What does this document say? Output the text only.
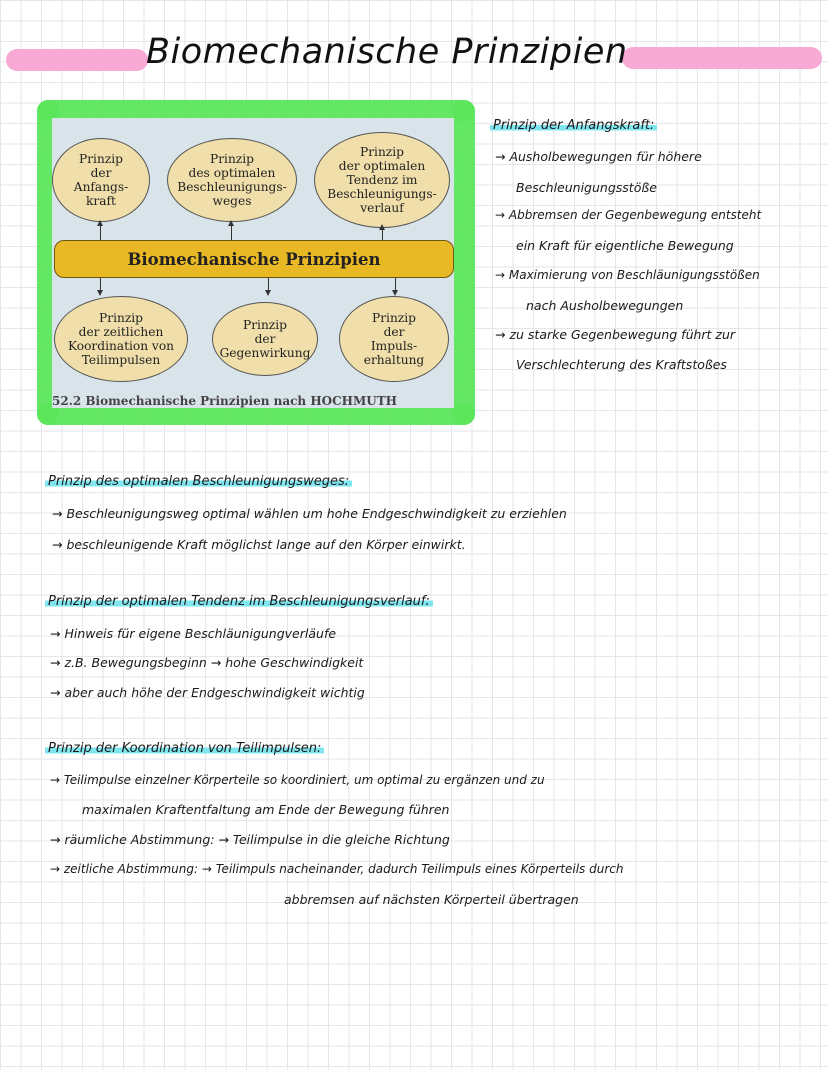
Biomechanische Prinzipien
Prinzip
der
Anfangs-
kraft
Prinzip
des optimalen
Beschleunigungs-
weges
Prinzip
der optimalen
Tendenz im
Beschleunigungs-
verlauf
Biomechanische Prinzipien
Prinzip
der zeitlichen
Koordination von
Teilimpulsen
Prinzip
der
Gegenwirkung
Prinzip
der
Impuls-
erhaltung
52.2 Biomechanische Prinzipien nach HOCHMUTH
Prinzip der Anfangskraft:
→ Ausholbewegungen für höhere
Beschleunigungsstöße
→ Abbremsen der Gegenbewegung entsteht
ein Kraft für eigentliche Bewegung
→ Maximierung von Beschläunigungsstößen
nach Ausholbewegungen
→ zu starke Gegenbewegung führt zur
Verschlechterung des Kraftstoßes
Prinzip des optimalen Beschleunigungsweges:
→ Beschleunigungsweg optimal wählen um hohe Endgeschwindigkeit zu erziehlen
→ beschleunigende Kraft möglichst lange auf den Körper einwirkt.
Prinzip der optimalen Tendenz im Beschleunigungsverlauf:
→ Hinweis für eigene Beschläunigungverläufe
→ z.B. Bewegungsbeginn → hohe Geschwindigkeit
→ aber auch höhe der Endgeschwindigkeit wichtig
Prinzip der Koordination von Teilimpulsen:
→ Teilimpulse einzelner Körperteile so koordiniert, um optimal zu ergänzen und zu
maximalen Kraftentfaltung am Ende der Bewegung führen
→ räumliche Abstimmung: → Teilimpulse in die gleiche Richtung
→ zeitliche Abstimmung: → Teilimpuls nacheinander, dadurch Teilimpuls eines Körperteils durch
abbremsen auf nächsten Körperteil übertragen
